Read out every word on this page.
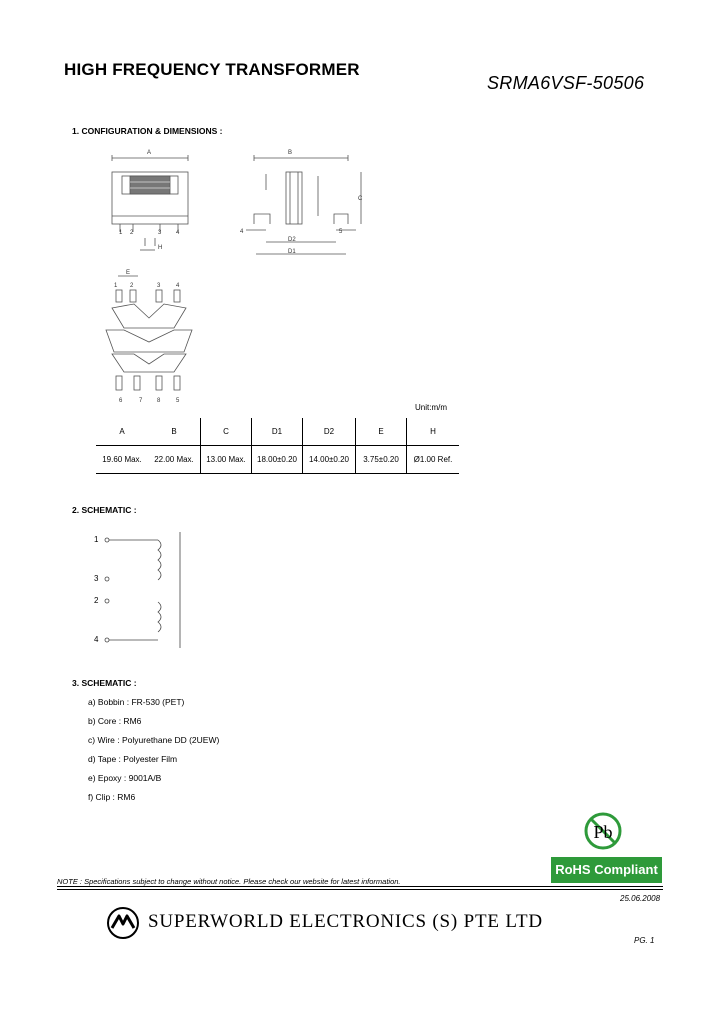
HIGH FREQUENCY TRANSFORMER
SRMA6VSF-50506
1. CONFIGURATION & DIMENSIONS :
A
1 2	3 4
H
B
C
D2
D1
4	5
E
1 2	3	4
6	7 8	5
Unit:m/m
A	B	C	D1	D2	E	H
19.60 Max.	22.00 Max.	13.00 Max.	18.00±0.20	14.00±0.20	3.75±0.20	Ø1.00 Ref.
2. SCHEMATIC :
1
3
2
4
3. SCHEMATIC :
a) Bobbin : FR-530 (PET)
b) Core : RM6
c) Wire : Polyurethane DD (2UEW)
d) Tape : Polyester Film
e) Epoxy : 9001A/B
f) Clip : RM6
Pb
RoHS Compliant
NOTE : Specifications subject to change without notice. Please check our website for latest information.
25.06.2008
SUPERWORLD ELECTRONICS (S) PTE LTD
PG. 1
